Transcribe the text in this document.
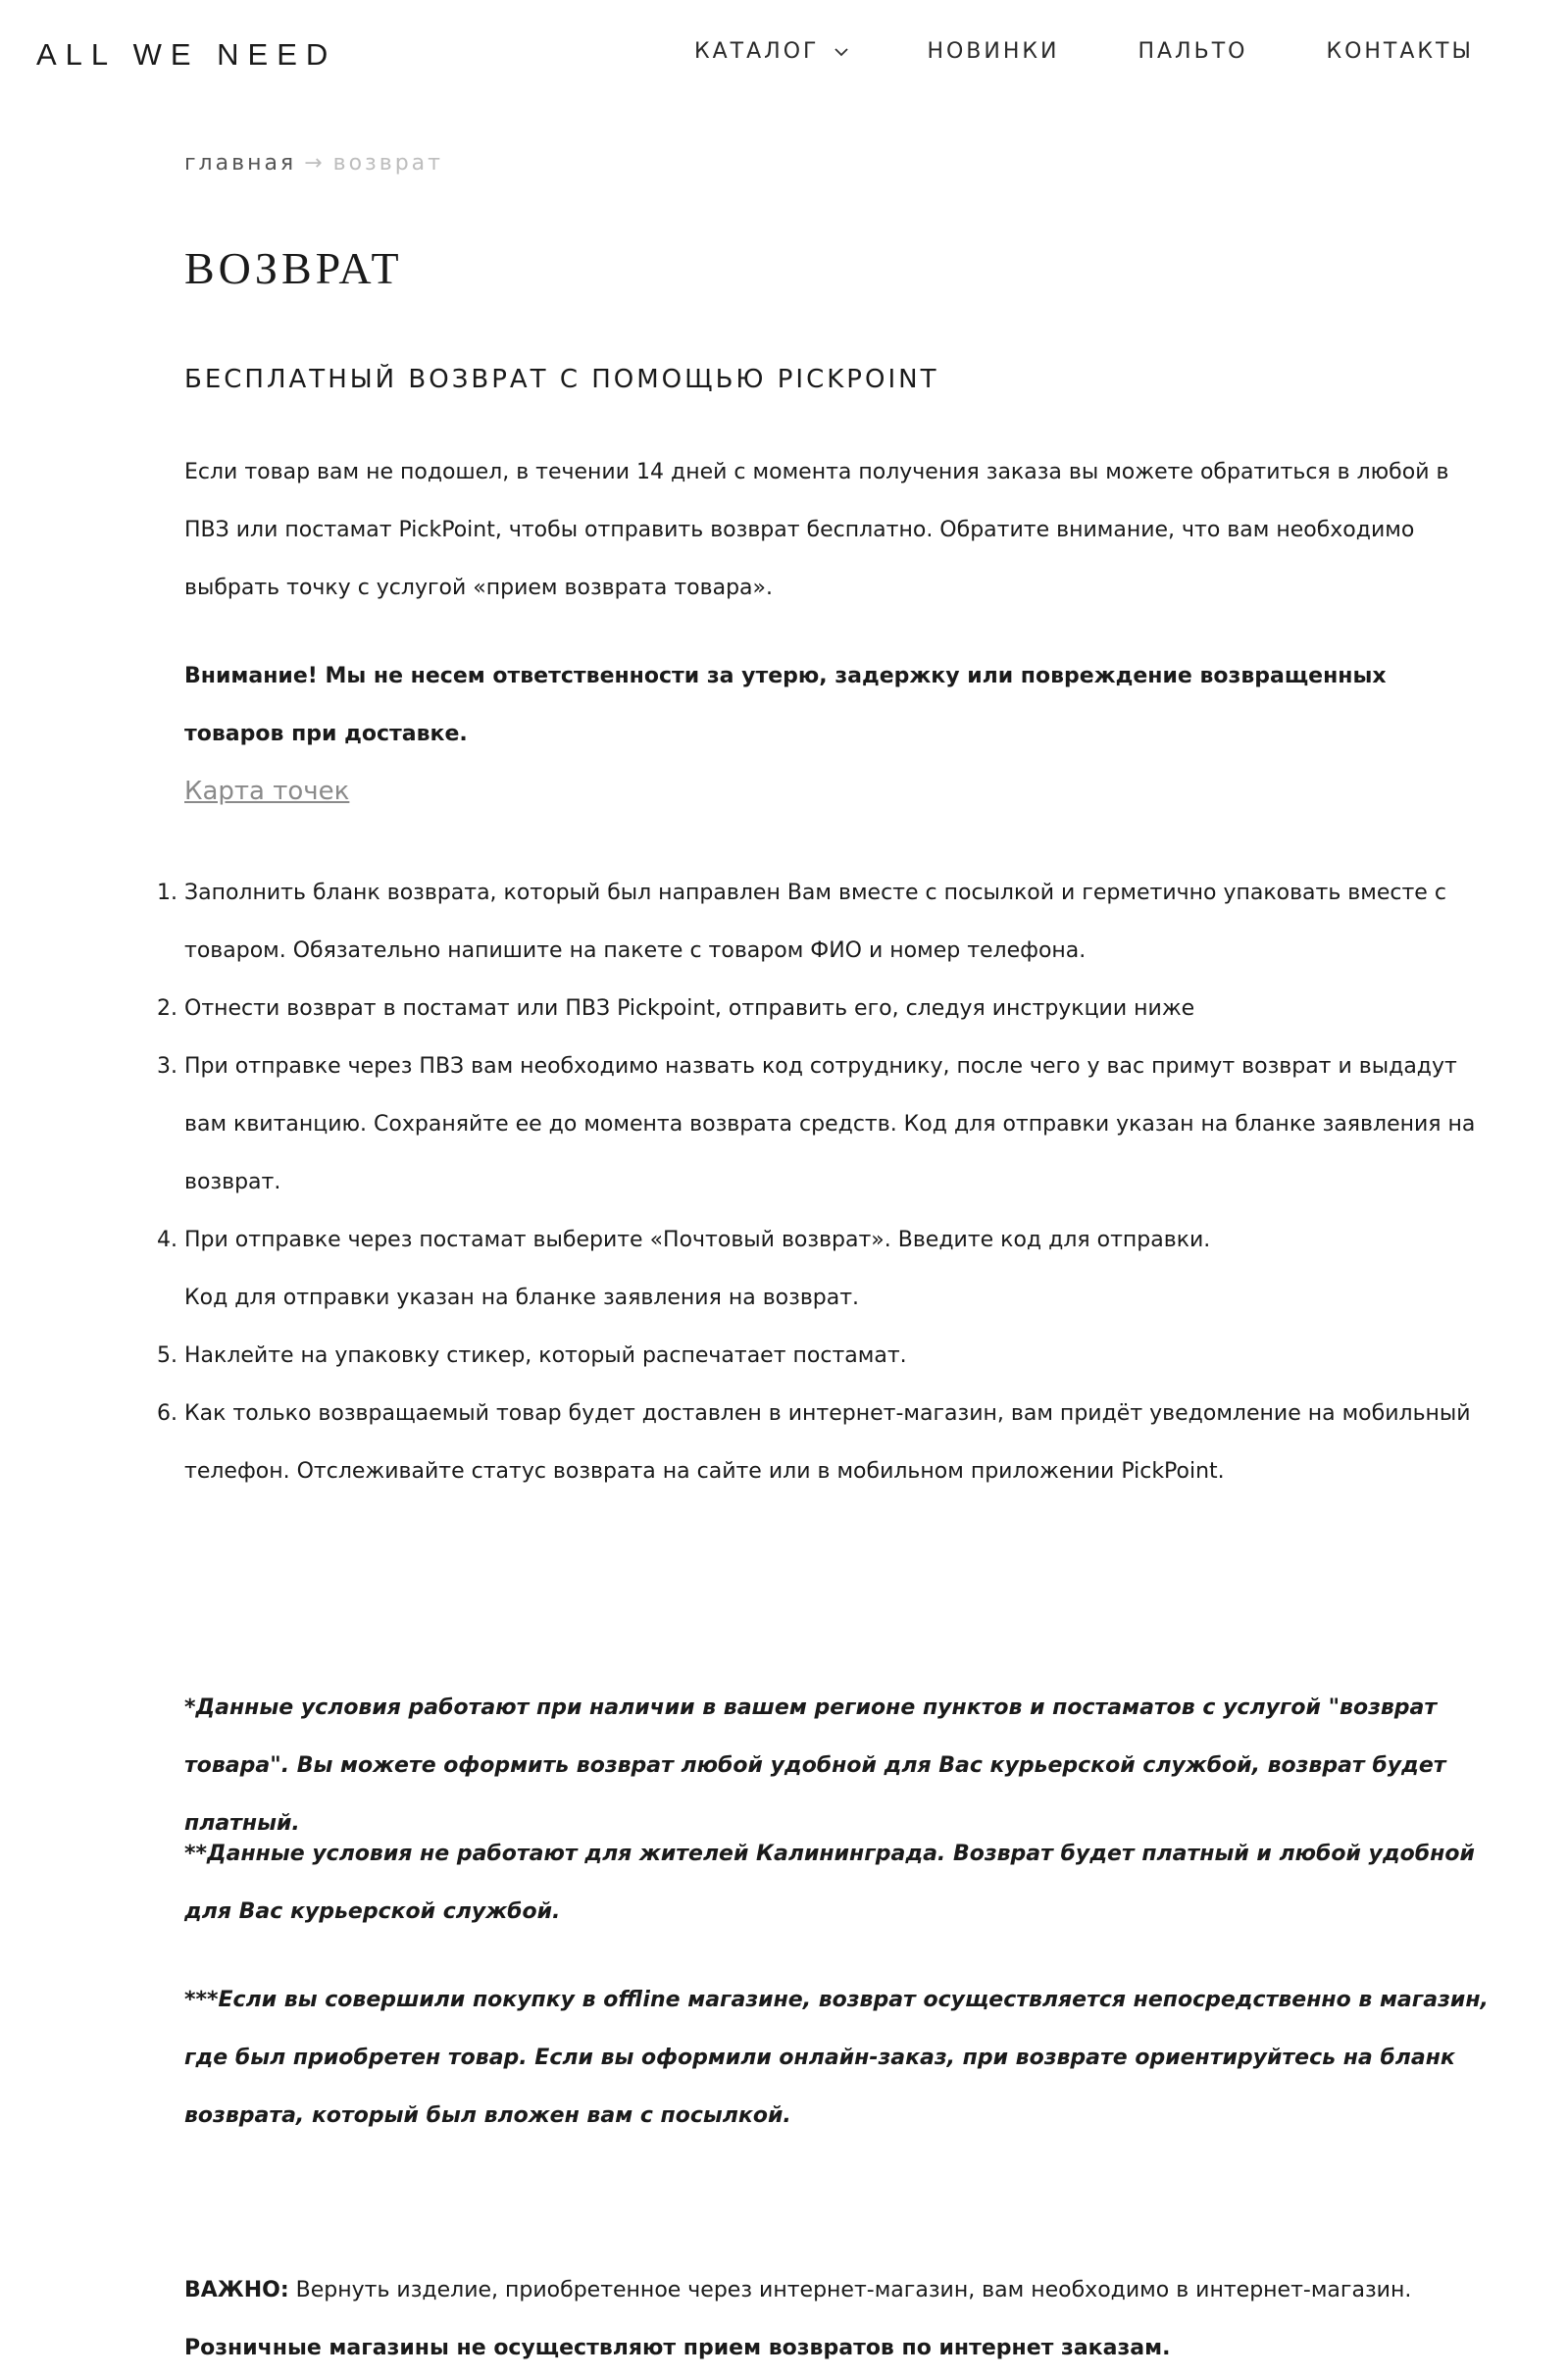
ALL WE NEED	КАТАЛОГ	НОВИНКИ	ПАЛЬТО	КОНТАКТЫ
главная → возврат
ВОЗВРАТ
БЕСПЛАТНЫЙ ВОЗВРАТ С ПОМОЩЬЮ PICKPOINT

Если товар вам не подошел, в течении 14 дней с момента получения заказа вы можете обратиться в любой в ПВЗ или постамат PickPoint, чтобы отправить возврат бесплатно. Обратите внимание, что вам необходимо выбрать точку с услугой «прием возврата товара».

Внимание! Мы не несем ответственности за утерю, задержку или повреждение возвращенных товаров при доставке.

Карта точек
1. Заполнить бланк возврата, который был направлен Вам вместе с посылкой и герметично упаковать вместе с товаром. Обязательно напишите на пакете с товаром ФИО и номер телефона.
2. Отнести возврат в постамат или ПВЗ Pickpoint, отправить его, следуя инструкции ниже
3. При отправке через ПВЗ вам необходимо назвать код сотруднику, после чего у вас примут возврат и выдадут вам квитанцию. Сохраняйте ее до момента возврата средств. Код для отправки указан на бланке заявления на возврат.
4. При отправке через постамат выберите «Почтовый возврат». Введите код для отправки.
Код для отправки указан на бланке заявления на возврат.
5. Наклейте на упаковку стикер, который распечатает постамат.
6. Как только возвращаемый товар будет доставлен в интернет-магазин, вам придёт уведомление на мобильный телефон. Отслеживайте статус возврата на сайте или в мобильном приложении PickPoint.

*Данные условия работают при наличии в вашем регионе пунктов и постаматов с услугой "возврат товара". Вы можете оформить возврат любой удобной для Вас курьерской службой, возврат будет платный.

**Данные условия не работают для жителей Калининграда. Возврат будет платный и любой удобной для Вас курьерской службой.

***Если вы совершили покупку в offline магазине, возврат осуществляется непосредственно в магазин, где был приобретен товар. Если вы оформили онлайн-заказ, при возврате ориентируйтесь на бланк возврата, который был вложен вам с посылкой.

ВАЖНО: Вернуть изделие, приобретенное через интернет-магазин, вам необходимо в интернет-магазин. Розничные магазины не осуществляют прием возвратов по интернет заказам.
